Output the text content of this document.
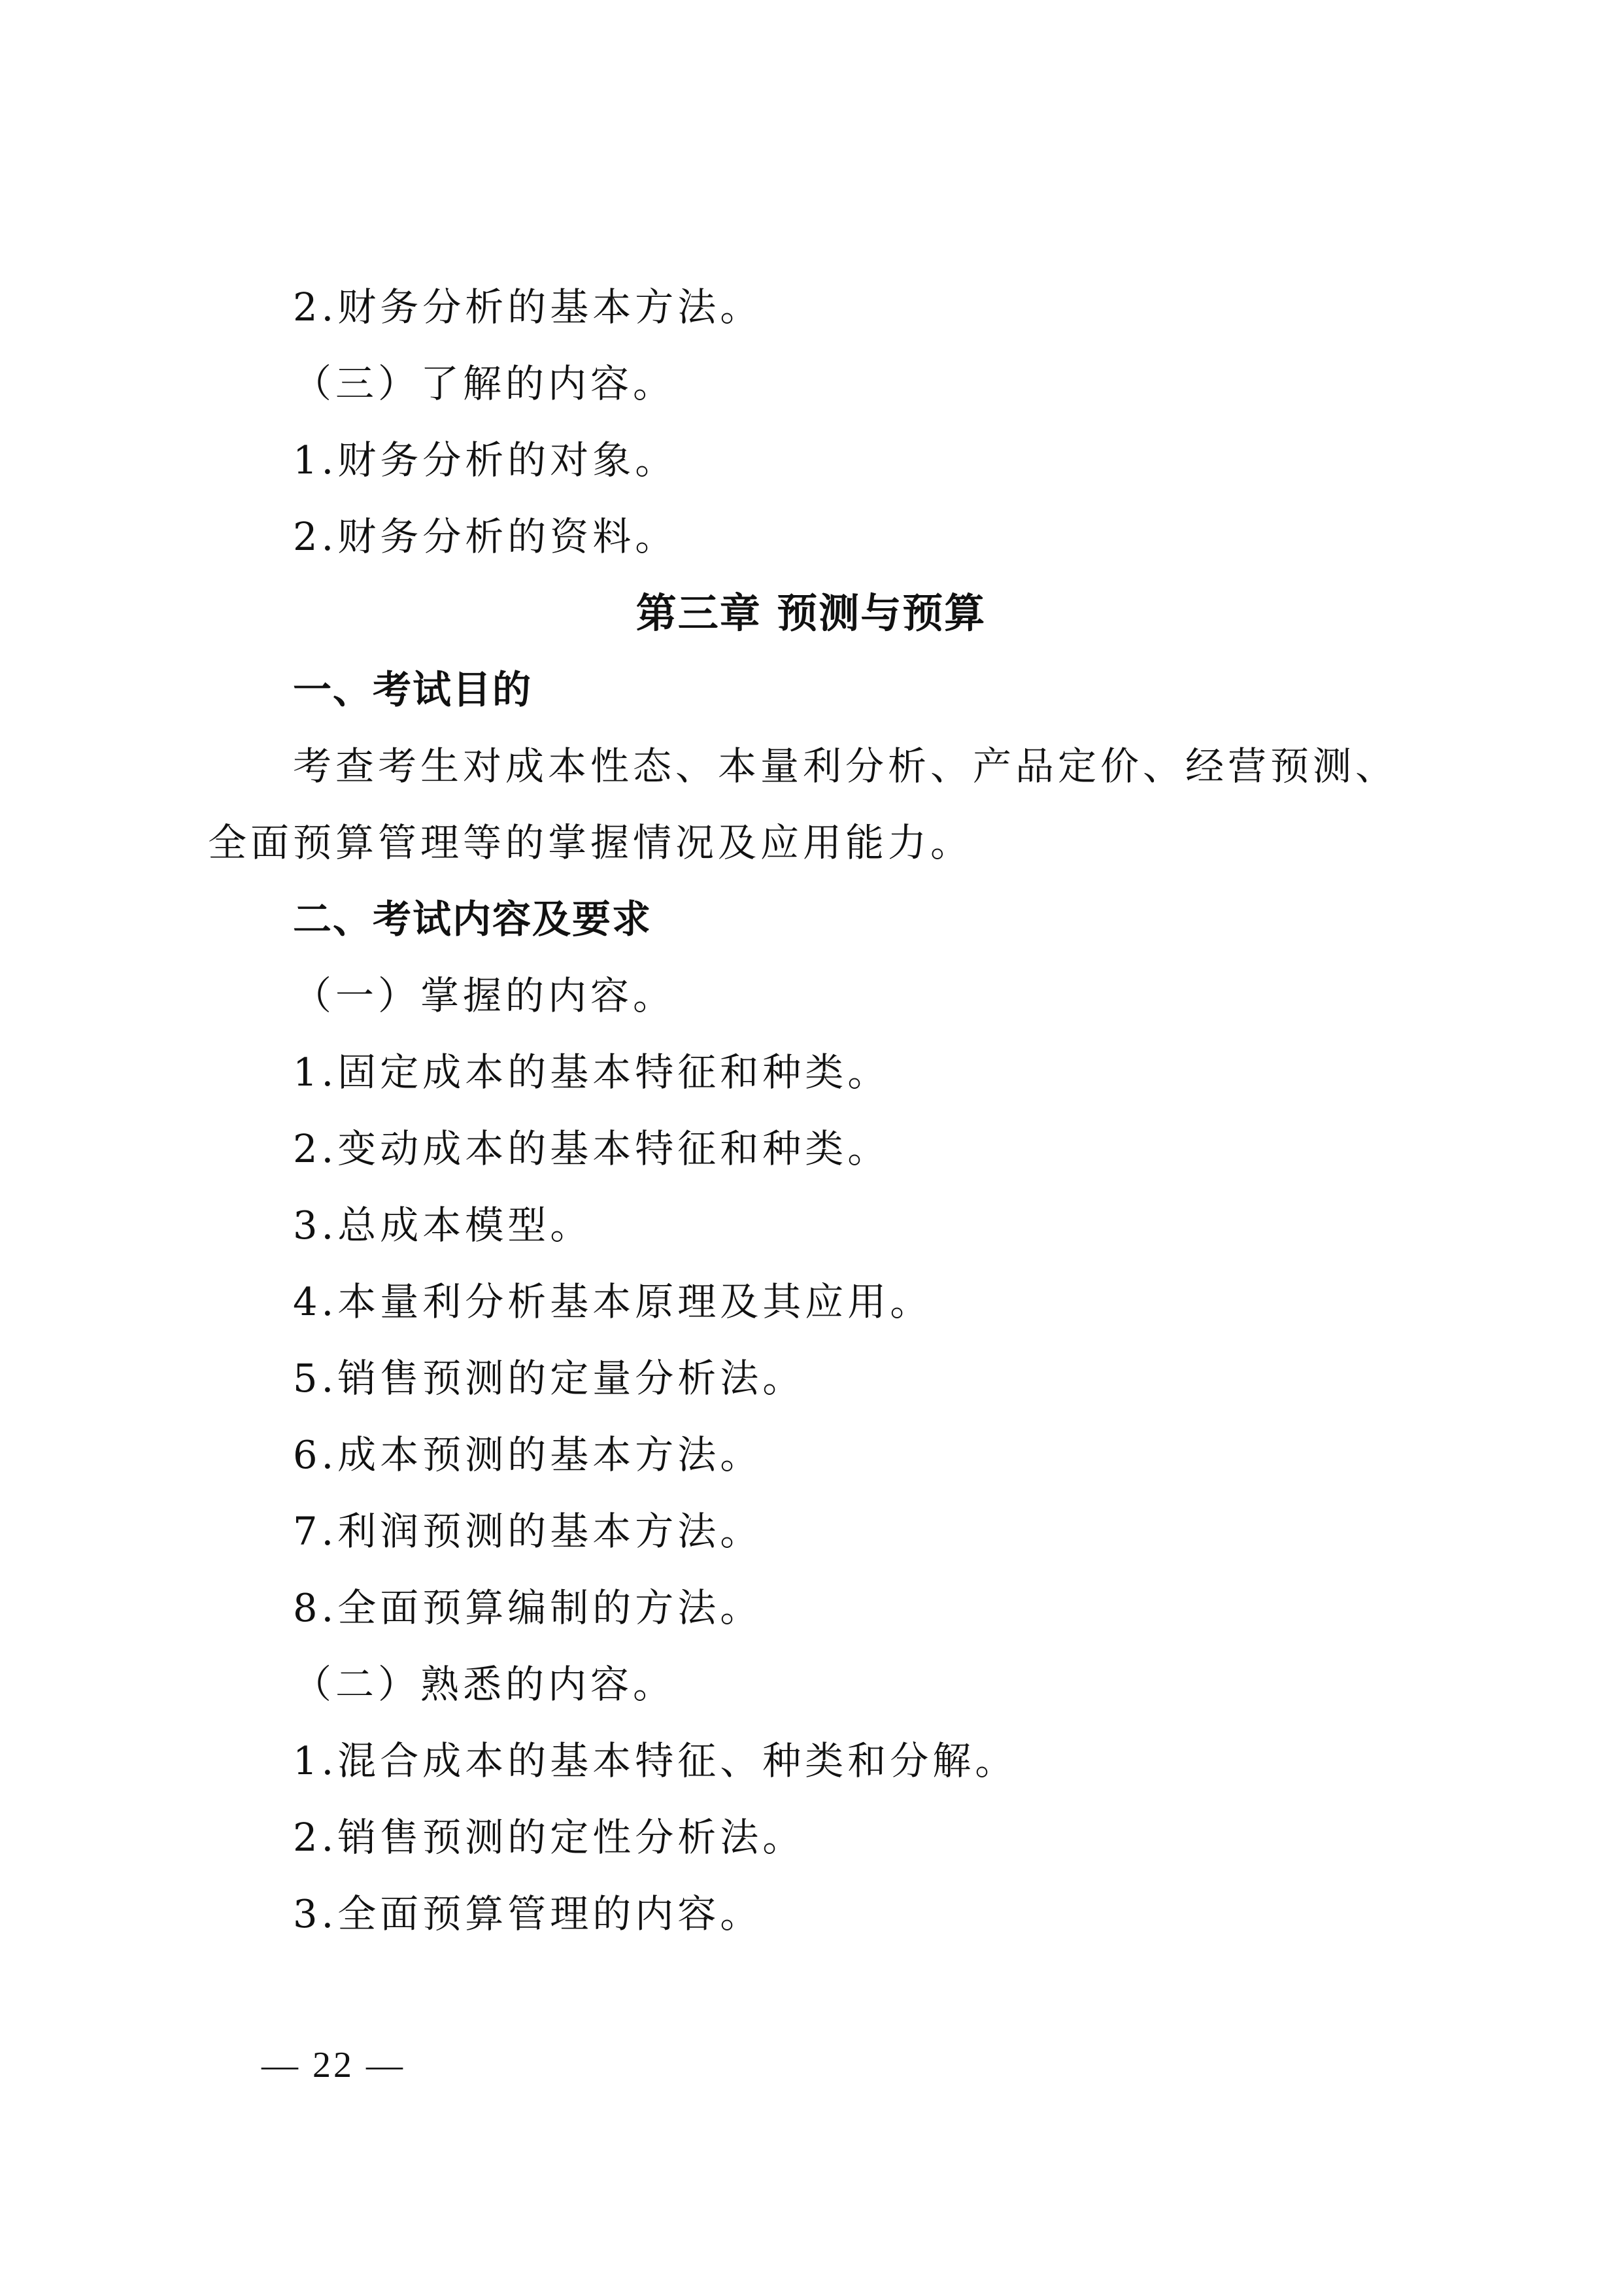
2.财务分析的基本方法。
（三）了解的内容。
1.财务分析的对象。
2.财务分析的资料。
第三章 预测与预算
一、考试目的
考查考生对成本性态、本量利分析、产品定价、经营预测、
全面预算管理等的掌握情况及应用能力。
二、考试内容及要求
（一）掌握的内容。
1.固定成本的基本特征和种类。
2.变动成本的基本特征和种类。
3.总成本模型。
4.本量利分析基本原理及其应用。
5.销售预测的定量分析法。
6.成本预测的基本方法。
7.利润预测的基本方法。
8.全面预算编制的方法。
（二）熟悉的内容。
1.混合成本的基本特征、种类和分解。
2.销售预测的定性分析法。
3.全面预算管理的内容。
— 22 —
